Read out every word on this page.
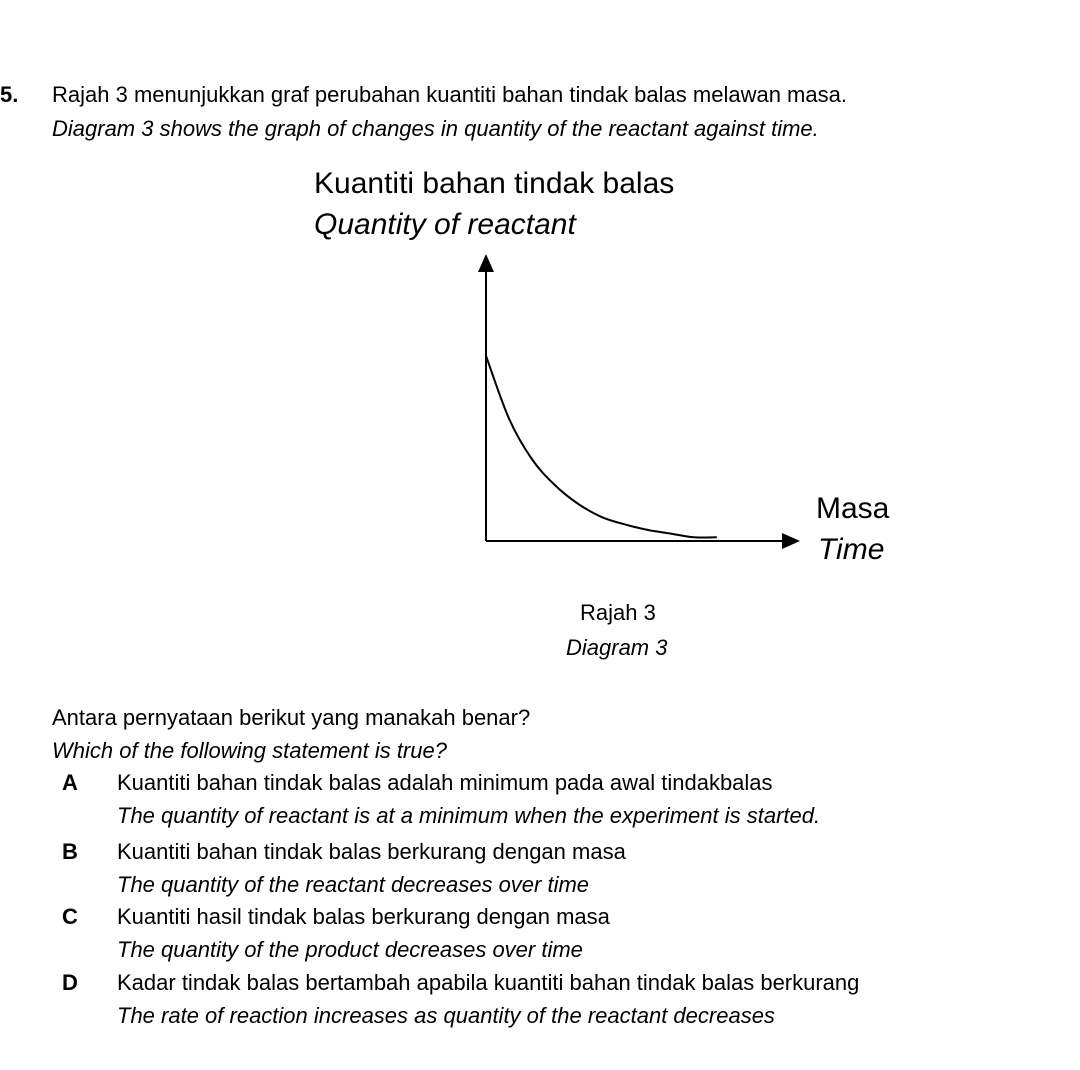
5. Rajah 3 menunjukkan graf perubahan kuantiti bahan tindak balas melawan masa.
Diagram 3 shows the graph of changes in quantity of the reactant against time.
Kuantiti bahan tindak balas
Quantity of reactant
Masa
Time
Rajah 3
Diagram 3
Antara pernyataan berikut yang manakah benar?
Which of the following statement is true?
A Kuantiti bahan tindak balas adalah minimum pada awal tindakbalas
The quantity of reactant is at a minimum when the experiment is started.
B Kuantiti bahan tindak balas berkurang dengan masa
The quantity of the reactant decreases over time
C Kuantiti hasil tindak balas berkurang dengan masa
The quantity of the product decreases over time
D Kadar tindak balas bertambah apabila kuantiti bahan tindak balas berkurang
The rate of reaction increases as quantity of the reactant decreases
